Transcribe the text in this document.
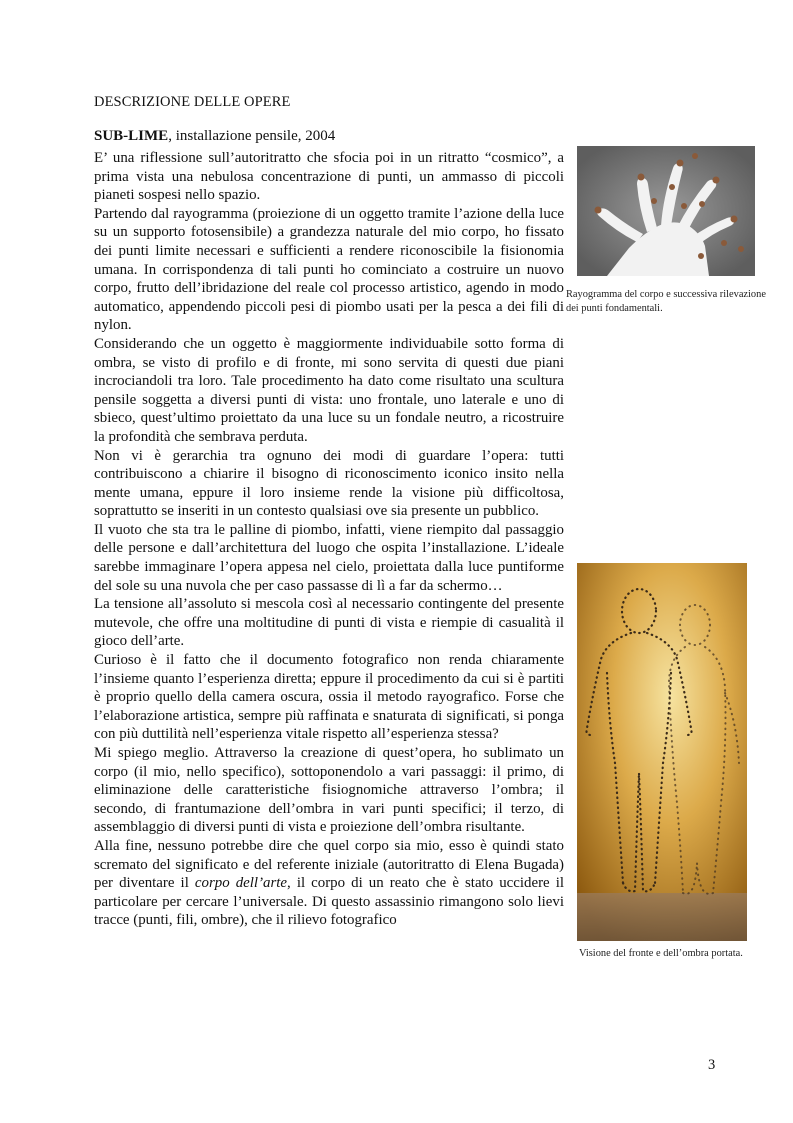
DESCRIZIONE DELLE OPERE
SUB-LIME, installazione pensile, 2004

E’ una riflessione sull’autoritratto che sfocia poi in un ritratto “cosmico”, a prima vista una nebulosa concentrazione di punti, un ammasso di piccoli pianeti sospesi nello spazio.

Partendo dal rayogramma (proiezione di un oggetto tramite l’azione della luce su un supporto fotosensibile) a grandezza naturale del mio corpo, ho fissato dei punti limite necessari e sufficienti a rendere riconoscibile la fisionomia umana. In corrispondenza di tali punti ho cominciato a costruire un nuovo corpo, frutto dell’ibridazione del reale col processo artistico, agendo in modo automatico, appendendo piccoli pesi di piombo usati per la pesca a dei fili di nylon.

Considerando che un oggetto è maggiormente individuabile sotto forma di ombra, se visto di profilo e di fronte, mi sono servita di questi due piani incrociandoli tra loro. Tale procedimento ha dato come risultato una scultura pensile soggetta a diversi punti di vista: uno frontale, uno laterale e uno di sbieco, quest’ultimo proiettato da una luce su un fondale neutro, a ricostruire la profondità che sembrava perduta.

Non vi è gerarchia tra ognuno dei modi di guardare l’opera: tutti contribuiscono a chiarire il bisogno di riconoscimento iconico insito nella mente umana, eppure il loro insieme rende la visione più difficoltosa, soprattutto se inseriti in un contesto qualsiasi ove sia presente un pubblico.

Il vuoto che sta tra le palline di piombo, infatti, viene riempito dal passaggio delle persone e dall’architettura del luogo che ospita l’installazione. L’ideale sarebbe immaginare l’opera appesa nel cielo, proiettata dalla luce puntiforme del sole su una nuvola che per caso passasse di lì a far da schermo…

La tensione all’assoluto si mescola così al necessario contingente del presente mutevole, che offre una moltitudine di punti di vista e riempie di casualità il gioco dell’arte.

Curioso è il fatto che il documento fotografico non renda chiaramente l’insieme quanto l’esperienza diretta; eppure il procedimento da cui si è partiti è proprio quello della camera oscura, ossia il metodo rayografico. Forse che l’elaborazione artistica, sempre più raffinata e snaturata di significati, si ponga con più duttilità nell’esperienza vitale rispetto all’esperienza stessa?

Mi spiego meglio. Attraverso la creazione di quest’opera, ho sublimato un corpo (il mio, nello specifico), sottoponendolo a vari passaggi: il primo, di eliminazione delle caratteristiche fisiognomiche attraverso l’ombra; il secondo, di frantumazione dell’ombra in vari punti specifici; il terzo, di assemblaggio di diversi punti di vista e proiezione dell’ombra risultante.

Alla fine, nessuno potrebbe dire che quel corpo sia mio, esso è quindi stato scremato del significato e del referente iniziale (autoritratto di Elena Bugada) per diventare il corpo dell’arte, il corpo di un reato che è stato uccidere il particolare per cercare l’universale. Di questo assassinio rimangono solo lievi tracce (punti, fili, ombre), che il rilievo fotografico

Rayogramma del corpo e successiva rilevazione dei punti fondamentali.
Visione del fronte e dell’ombra portata.
3
